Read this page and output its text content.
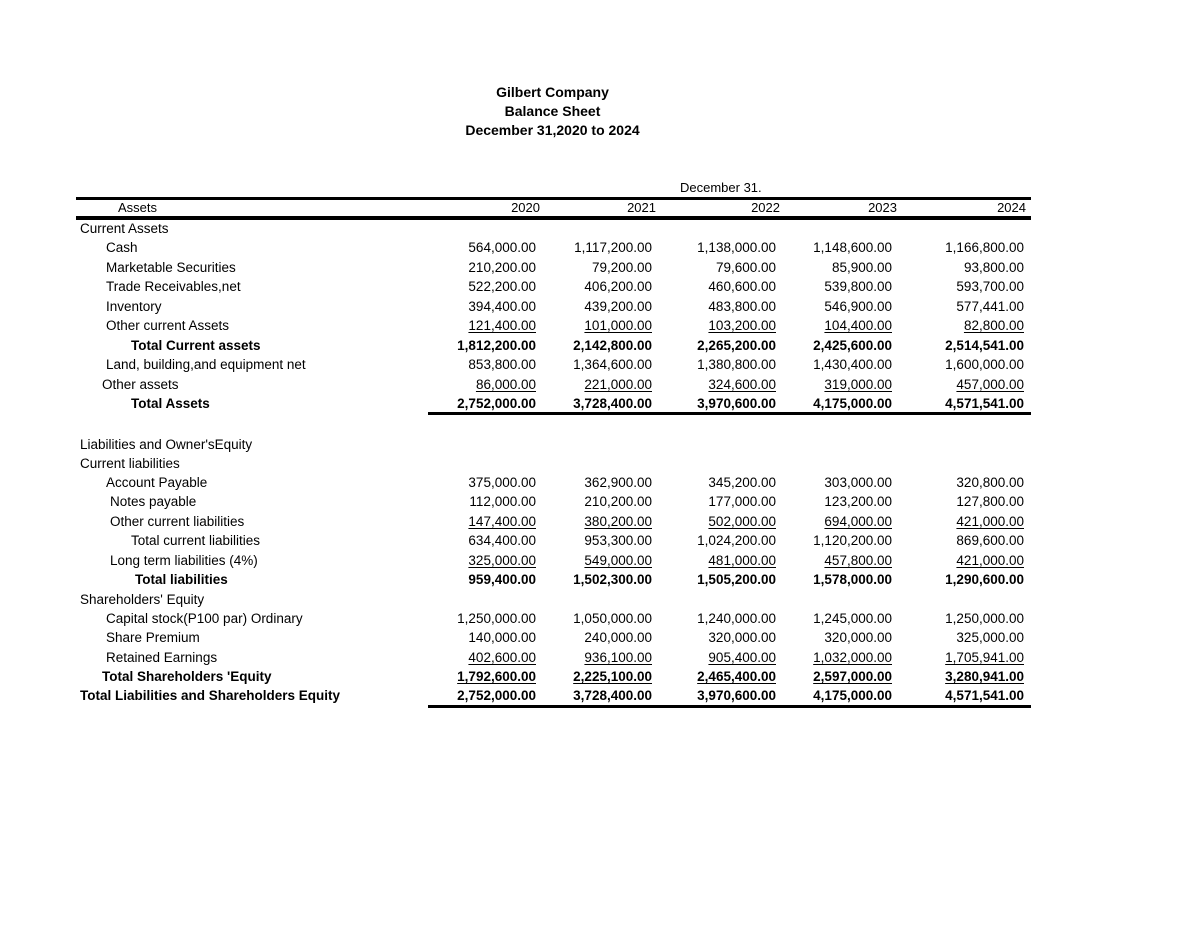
Gilbert Company
Balance Sheet
December 31,2020 to 2024
December 31.
Assets	2020	2021	2022	2023	2024
Current Assets
Cash	564,000.00	1,117,200.00	1,138,000.00	1,148,600.00	1,166,800.00
Marketable Securities	210,200.00	79,200.00	79,600.00	85,900.00	93,800.00
Trade Receivables,net	522,200.00	406,200.00	460,600.00	539,800.00	593,700.00
Inventory	394,400.00	439,200.00	483,800.00	546,900.00	577,441.00
Other current Assets	121,400.00	101,000.00	103,200.00	104,400.00	82,800.00
Total Current assets	1,812,200.00	2,142,800.00	2,265,200.00	2,425,600.00	2,514,541.00
Land, building,and equipment net	853,800.00	1,364,600.00	1,380,800.00	1,430,400.00	1,600,000.00
Other assets	86,000.00	221,000.00	324,600.00	319,000.00	457,000.00
Total Assets	2,752,000.00	3,728,400.00	3,970,600.00	4,175,000.00	4,571,541.00
Liabilities and Owner'sEquity
Current liabilities
Account Payable	375,000.00	362,900.00	345,200.00	303,000.00	320,800.00
Notes payable	112,000.00	210,200.00	177,000.00	123,200.00	127,800.00
Other current liabilities	147,400.00	380,200.00	502,000.00	694,000.00	421,000.00
Total current liabilities	634,400.00	953,300.00	1,024,200.00	1,120,200.00	869,600.00
Long term liabilities (4%)	325,000.00	549,000.00	481,000.00	457,800.00	421,000.00
Total liabilities	959,400.00	1,502,300.00	1,505,200.00	1,578,000.00	1,290,600.00
Shareholders' Equity
Capital stock(P100 par) Ordinary	1,250,000.00	1,050,000.00	1,240,000.00	1,245,000.00	1,250,000.00
Share Premium	140,000.00	240,000.00	320,000.00	320,000.00	325,000.00
Retained Earnings	402,600.00	936,100.00	905,400.00	1,032,000.00	1,705,941.00
Total Shareholders 'Equity	1,792,600.00	2,225,100.00	2,465,400.00	2,597,000.00	3,280,941.00
Total Liabilities and Shareholders Equity	2,752,000.00	3,728,400.00	3,970,600.00	4,175,000.00	4,571,541.00
